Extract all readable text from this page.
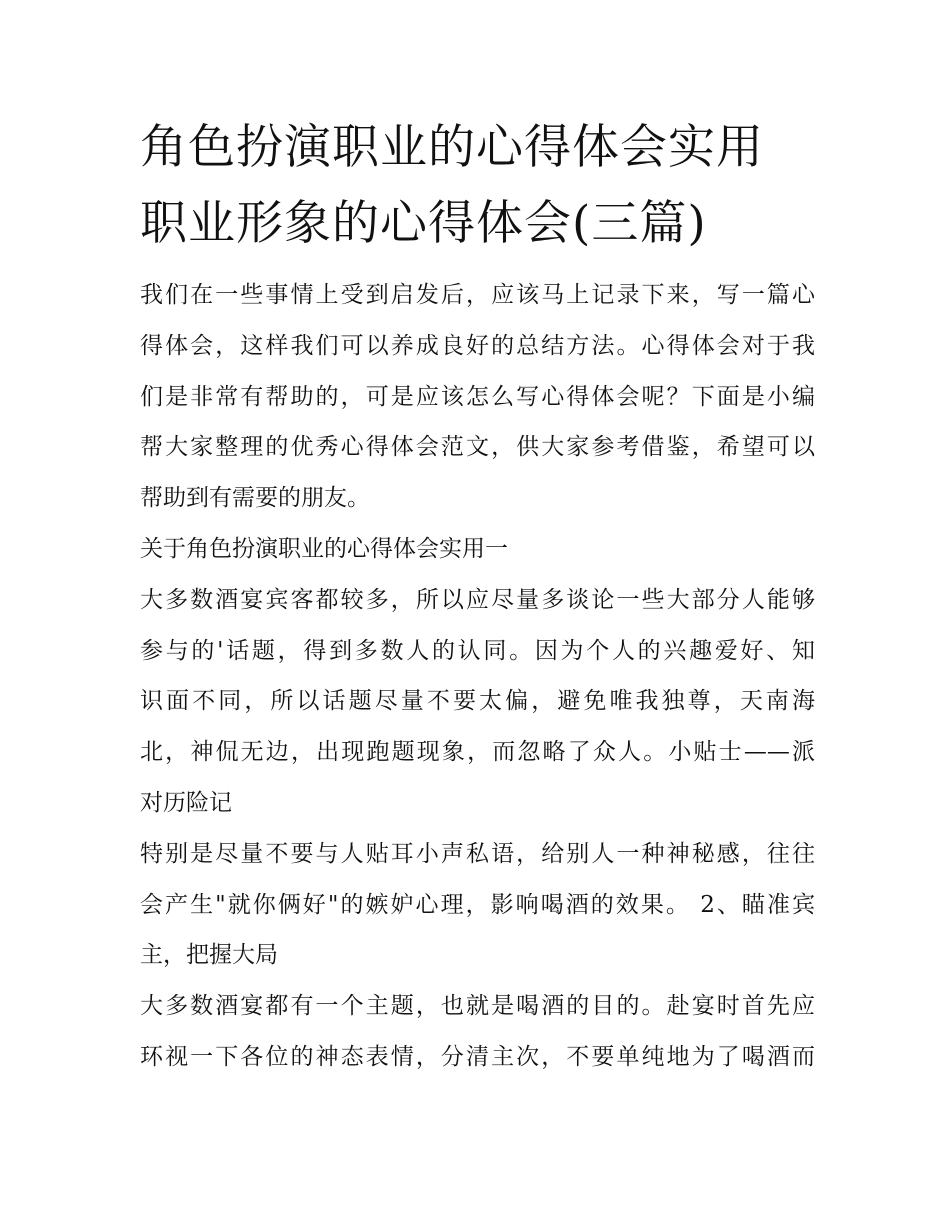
角色扮演职业的心得体会实用
职业形象的心得体会(三篇)
我们在一些事情上受到启发后，应该马上记录下来，写一篇心
得体会，这样我们可以养成良好的总结方法。心得体会对于我
们是非常有帮助的，可是应该怎么写心得体会呢？下面是小编
帮大家整理的优秀心得体会范文，供大家参考借鉴，希望可以
帮助到有需要的朋友。
关于角色扮演职业的心得体会实用一
大多数酒宴宾客都较多，所以应尽量多谈论一些大部分人能够
参与的'话题，得到多数人的认同。因为个人的兴趣爱好、知
识面不同，所以话题尽量不要太偏，避免唯我独尊，天南海
北，神侃无边，出现跑题现象，而忽略了众人。小贴士——派
对历险记
特别是尽量不要与人贴耳小声私语，给别人一种神秘感，往往
会产生"就你俩好"的嫉妒心理，影响喝酒的效果。 2、瞄准宾
主，把握大局
大多数酒宴都有一个主题，也就是喝酒的目的。赴宴时首先应
环视一下各位的神态表情，分清主次，不要单纯地为了喝酒而
